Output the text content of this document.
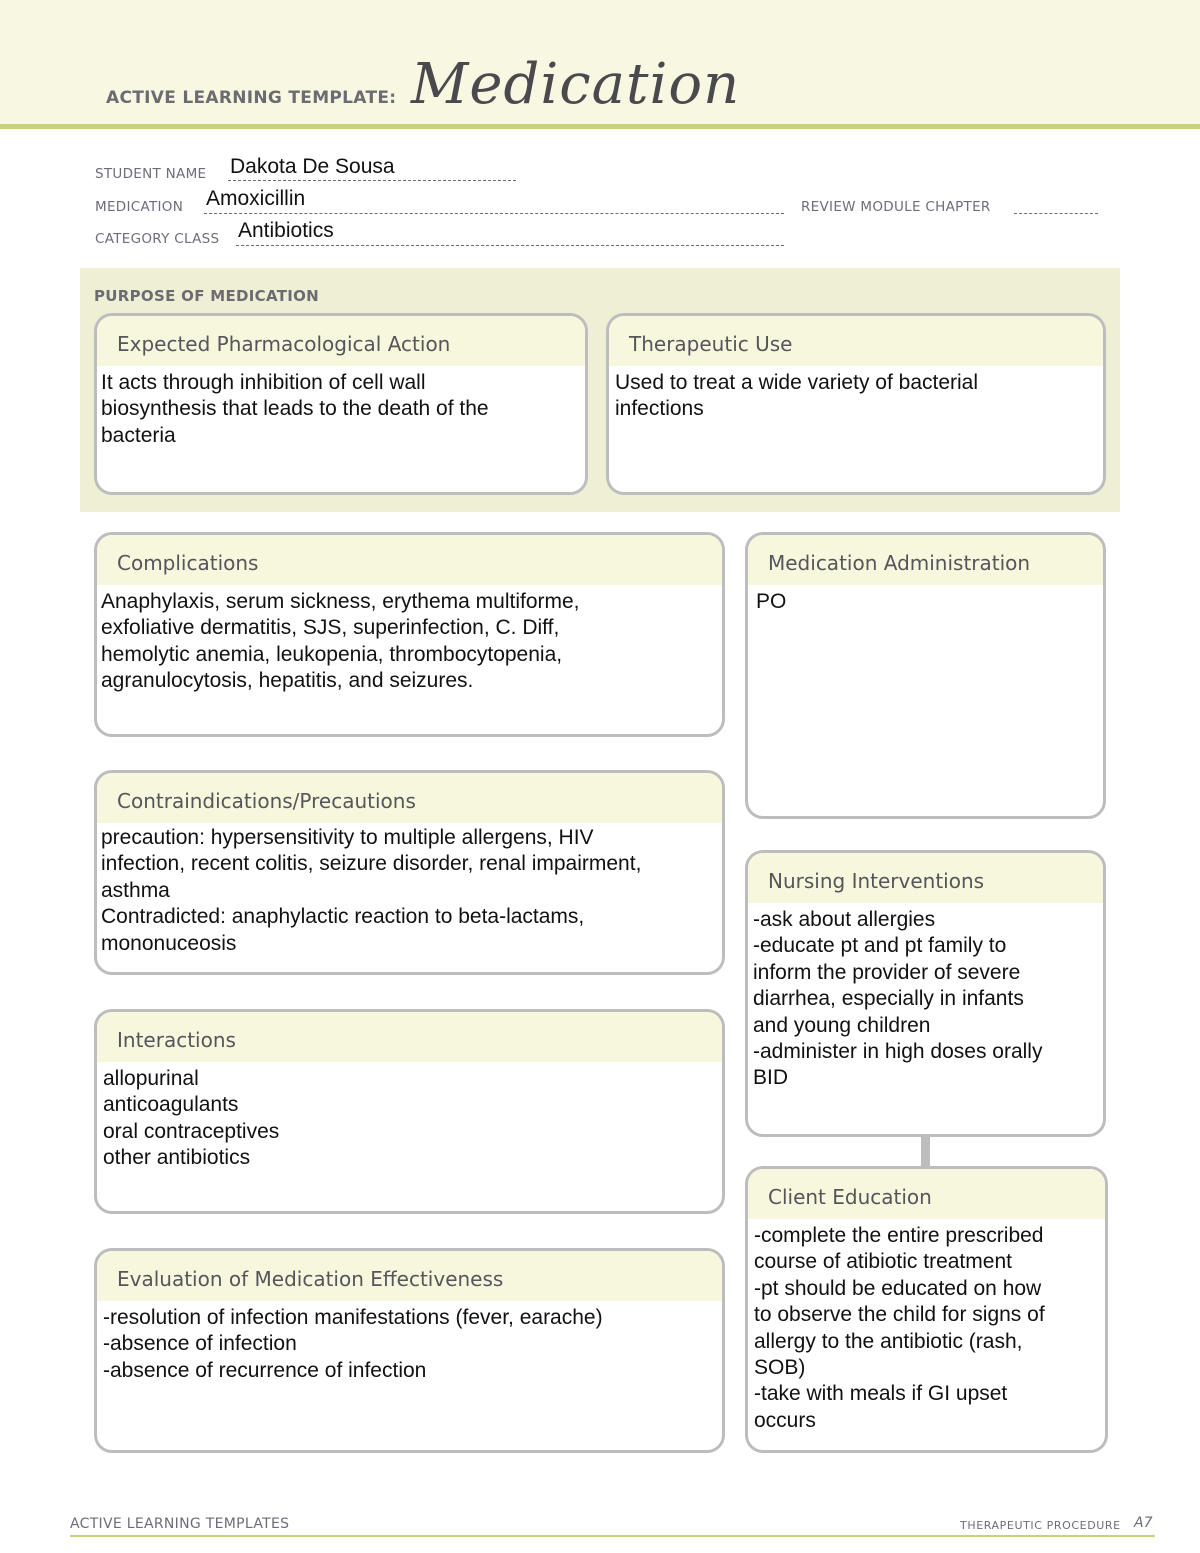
ACTIVE LEARNING TEMPLATE: Medication
STUDENT NAME Dakota De Sousa
MEDICATION Amoxicillin	REVIEW MODULE CHAPTER
CATEGORY CLASS Antibiotics
PURPOSE OF MEDICATION
Expected Pharmacological Action
It acts through inhibition of cell wall
biosynthesis that leads to the death of the
bacteria
Therapeutic Use
Used to treat a wide variety of bacterial
infections
Complications
Anaphylaxis, serum sickness, erythema multiforme,
exfoliative dermatitis, SJS, superinfection, C. Diff,
hemolytic anemia, leukopenia, thrombocytopenia,
agranulocytosis, hepatitis, and seizures.
Contraindications/Precautions
precaution: hypersensitivity to multiple allergens, HIV
infection, recent colitis, seizure disorder, renal impairment,
asthma
Contradicted: anaphylactic reaction to beta-lactams,
mononuceosis
Interactions
allopurinal
anticoagulants
oral contraceptives
other antibiotics
Evaluation of Medication Effectiveness
-resolution of infection manifestations (fever, earache)
-absence of infection
-absence of recurrence of infection
Medication Administration
PO
Nursing Interventions
-ask about allergies
-educate pt and pt family to
inform the provider of severe
diarrhea, especially in infants
and young children
-administer in high doses orally
BID
Client Education
-complete the entire prescribed
course of atibiotic treatment
-pt should be educated on how
to observe the child for signs of
allergy to the antibiotic (rash,
SOB)
-take with meals if GI upset
occurs
ACTIVE LEARNING TEMPLATES	THERAPEUTIC PROCEDURE A7
